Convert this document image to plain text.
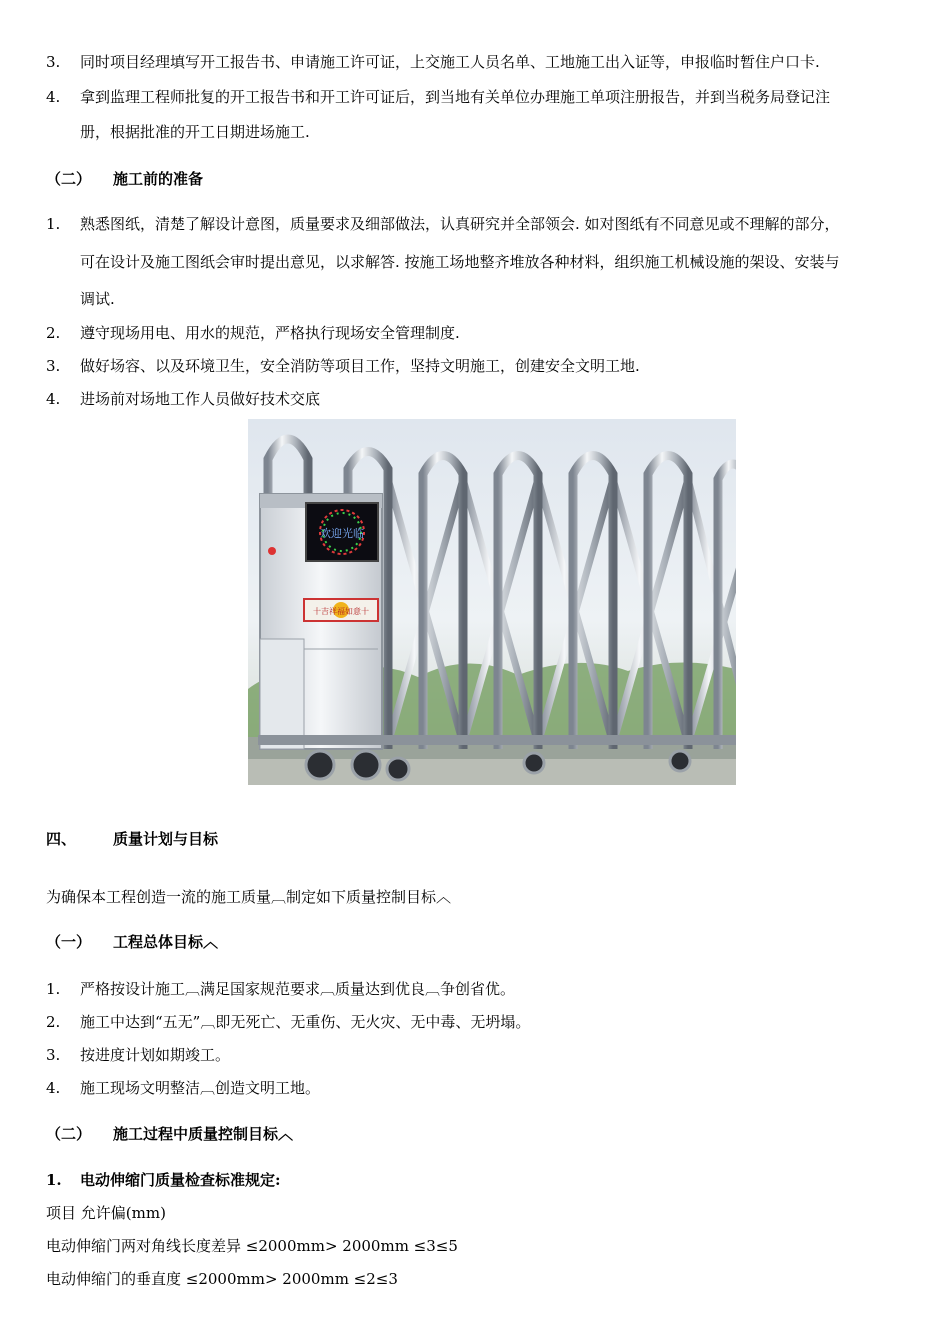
3. 同时项目经理填写开工报告书、申请施工许可证，上交施工人员名单、工地施工出入证等，申报临时暂住户口卡.
4. 拿到监理工程师批复的开工报告书和开工许可证后，到当地有关单位办理施工单项注册报告，并到当税务局登记注
册，根据批准的开工日期进场施工.
（二） 施工前的准备
1. 熟悉图纸，清楚了解设计意图，质量要求及细部做法，认真研究并全部领会. 如对图纸有不同意见或不理解的部分，
可在设计及施工图纸会审时提出意见，以求解答. 按施工场地整齐堆放各种材料，组织施工机械设施的架设、安装与
调试.
2. 遵守现场用电、用水的规范，严格执行现场安全管理制度.
3. 做好场容、以及环境卫生，安全消防等项目工作，坚持文明施工，创建安全文明工地.
4. 进场前对场地工作人员做好技术交底
欢迎光临
十吉祥福如意十
四、 质量计划与目标
为确保本工程创造一流的施工质量︹制定如下质量控制目标︿
（一） 工程总体目标︿
1. 严格按设计施工︹满足国家规范要求︹质量达到优良︹争创省优。
2. 施工中达到“五无”︹即无死亡、无重伤、无火灾、无中毒、无坍塌。
3. 按进度计划如期竣工。
4. 施工现场文明整洁︹创造文明工地。
（二） 施工过程中质量控制目标︿
1. 电动伸缩门质量检查标准规定:
项目 允许偏(mm)
电动伸缩门两对角线长度差异 ≤2000mm> 2000mm ≤3≤5
电动伸缩门的垂直度 ≤2000mm> 2000mm ≤2≤3
